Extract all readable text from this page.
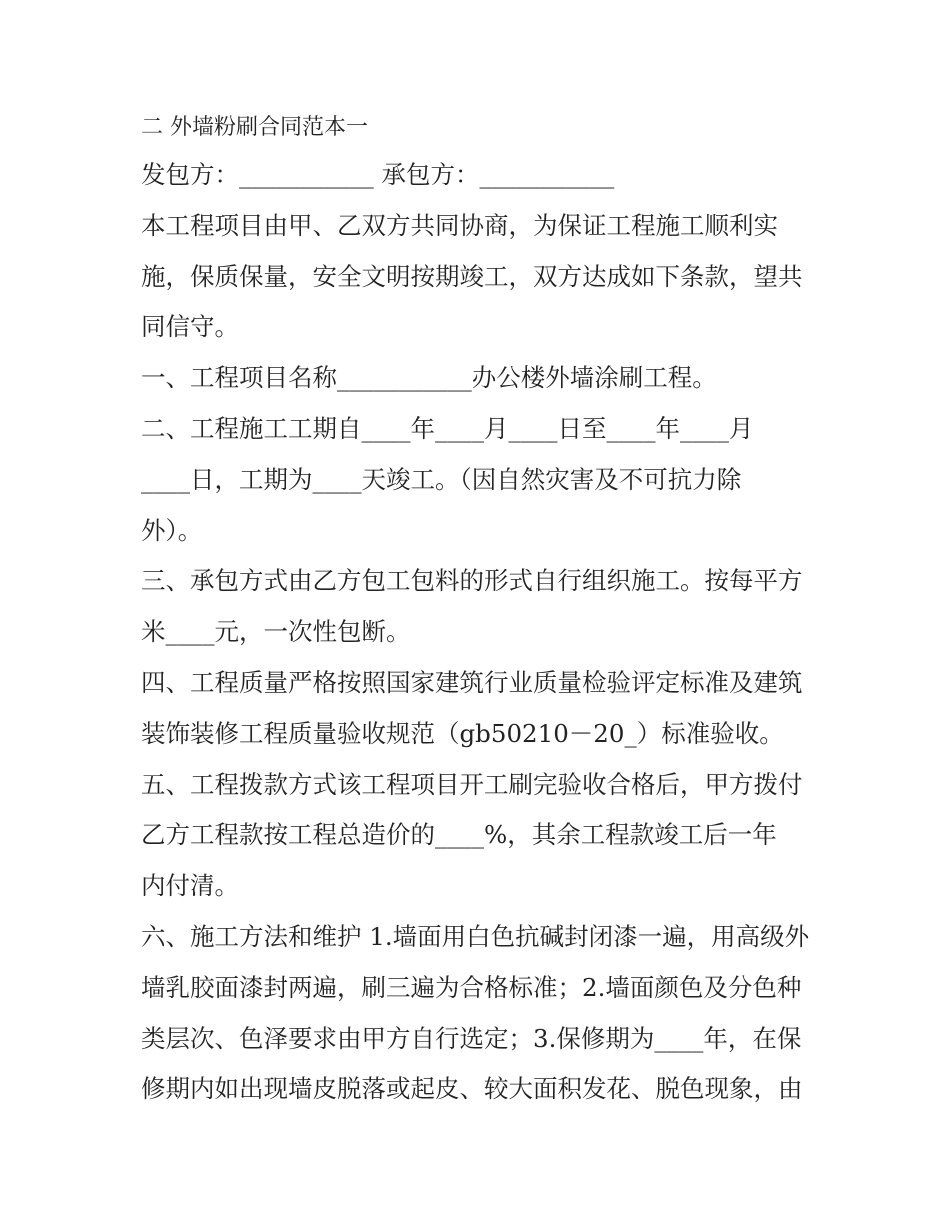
二 外墙粉刷合同范本一

发包方：___________ 承包方：___________

本工程项目由甲、乙双方共同协商，为保证工程施工顺利实

施，保质保量，安全文明按期竣工，双方达成如下条款，望共

同信守。

一、工程项目名称___________办公楼外墙涂刷工程。

二、工程施工工期自____年____月____日至____年____月

____日，工期为____天竣工。（因自然灾害及不可抗力除

外）。

三、承包方式由乙方包工包料的形式自行组织施工。按每平方

米____元，一次性包断。

四、工程质量严格按照国家建筑行业质量检验评定标准及建筑

装饰装修工程质量验收规范（gb50210－20_）标准验收。

五、工程拨款方式该工程项目开工刷完验收合格后，甲方拨付

乙方工程款按工程总造价的____%，其余工程款竣工后一年

内付清。

六、施工方法和维护 1.墙面用白色抗碱封闭漆一遍，用高级外

墙乳胶面漆封两遍，刷三遍为合格标准；2.墙面颜色及分色种

类层次、色泽要求由甲方自行选定；3.保修期为____年，在保

修期内如出现墙皮脱落或起皮、较大面积发花、脱色现象，由
